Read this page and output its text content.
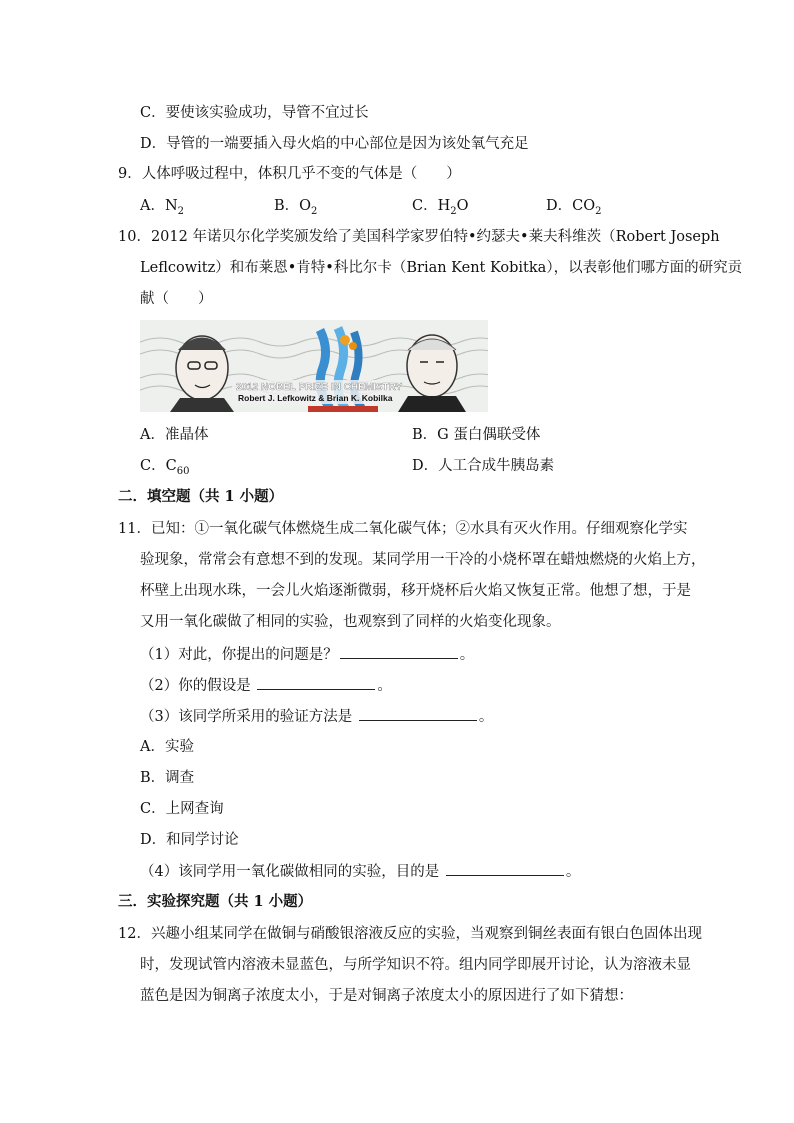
C．要使该实验成功，导管不宜过长
D．导管的一端要插入母火焰的中心部位是因为该处氧气充足
9．人体呼吸过程中，体积几乎不变的气体是（　　）
A．$N_2$	B．$O_2$	C．$H_2O$	D．$CO_2$
10．2012 年诺贝尔化学奖颁发给了美国科学家罗伯特•约瑟夫•莱夫科维茨（Robert Joseph
Leflcowitz）和布莱恩•肯特•科比尔卡（Brian Kent Kobitka），以表彰他们哪方面的研究贡
献（　　）
2012 NOBEL PRIZE IN CHEMISTRY
Robert J. Lefkowitz & Brian K. Kobilka
A．准晶体	B．G 蛋白偶联受体
C．$C_{60}$	D．人工合成牛胰岛素
二．填空题（共 1 小题）
11．已知：①一氧化碳气体燃烧生成二氧化碳气体；②水具有灭火作用。仔细观察化学实
验现象，常常会有意想不到的发现。某同学用一干冷的小烧杯罩在蜡烛燃烧的火焰上方，
杯壁上出现水珠，一会儿火焰逐渐微弱，移开烧杯后火焰又恢复正常。他想了想，于是
又用一氧化碳做了相同的实验，也观察到了同样的火焰变化现象。
（1）对此，你提出的问题是？	。
（2）你的假设是	。
（3）该同学所采用的验证方法是	。
A．实验
B．调查
C．上网查询
D．和同学讨论
（4）该同学用一氧化碳做相同的实验，目的是	。
三．实验探究题（共 1 小题）
12．兴趣小组某同学在做铜与硝酸银溶液反应的实验，当观察到铜丝表面有银白色固体出现
时，发现试管内溶液未显蓝色，与所学知识不符。组内同学即展开讨论，认为溶液未显
蓝色是因为铜离子浓度太小，于是对铜离子浓度太小的原因进行了如下猜想：
